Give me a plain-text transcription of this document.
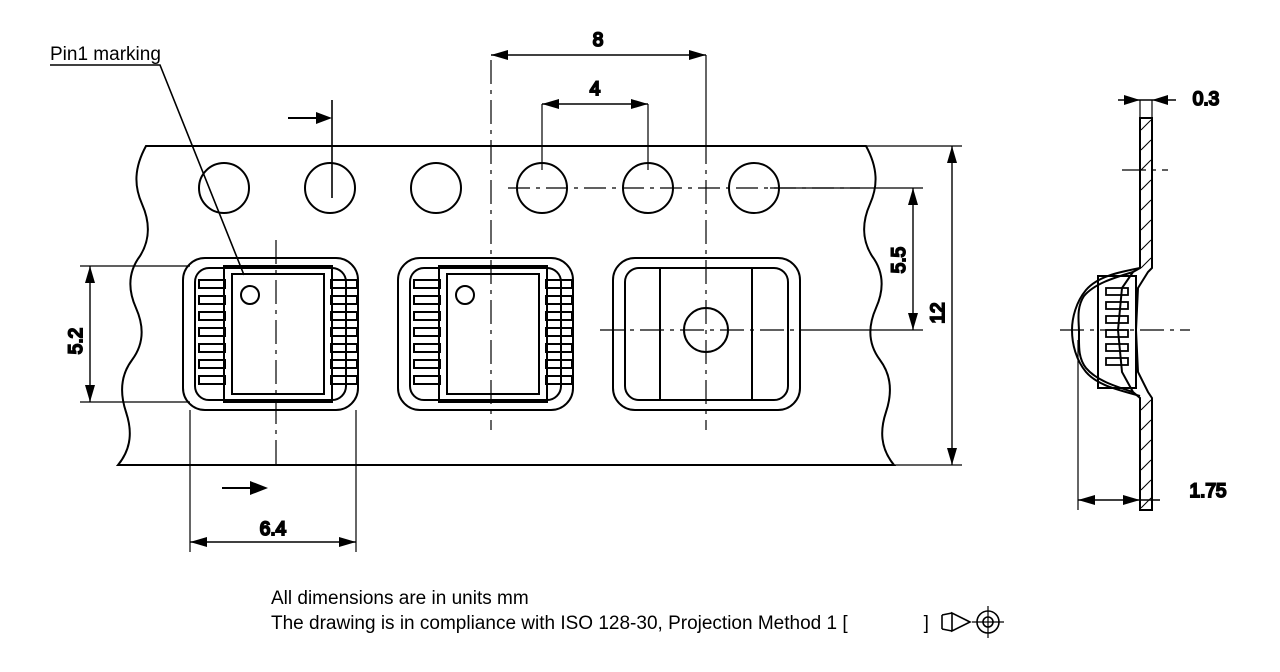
8
4
12
5.5
5.2
6.4
0.3
1.75
Pin1 marking
All dimensions are in units mm
The drawing is in compliance with ISO 128-30, Projection Method 1 [	]
